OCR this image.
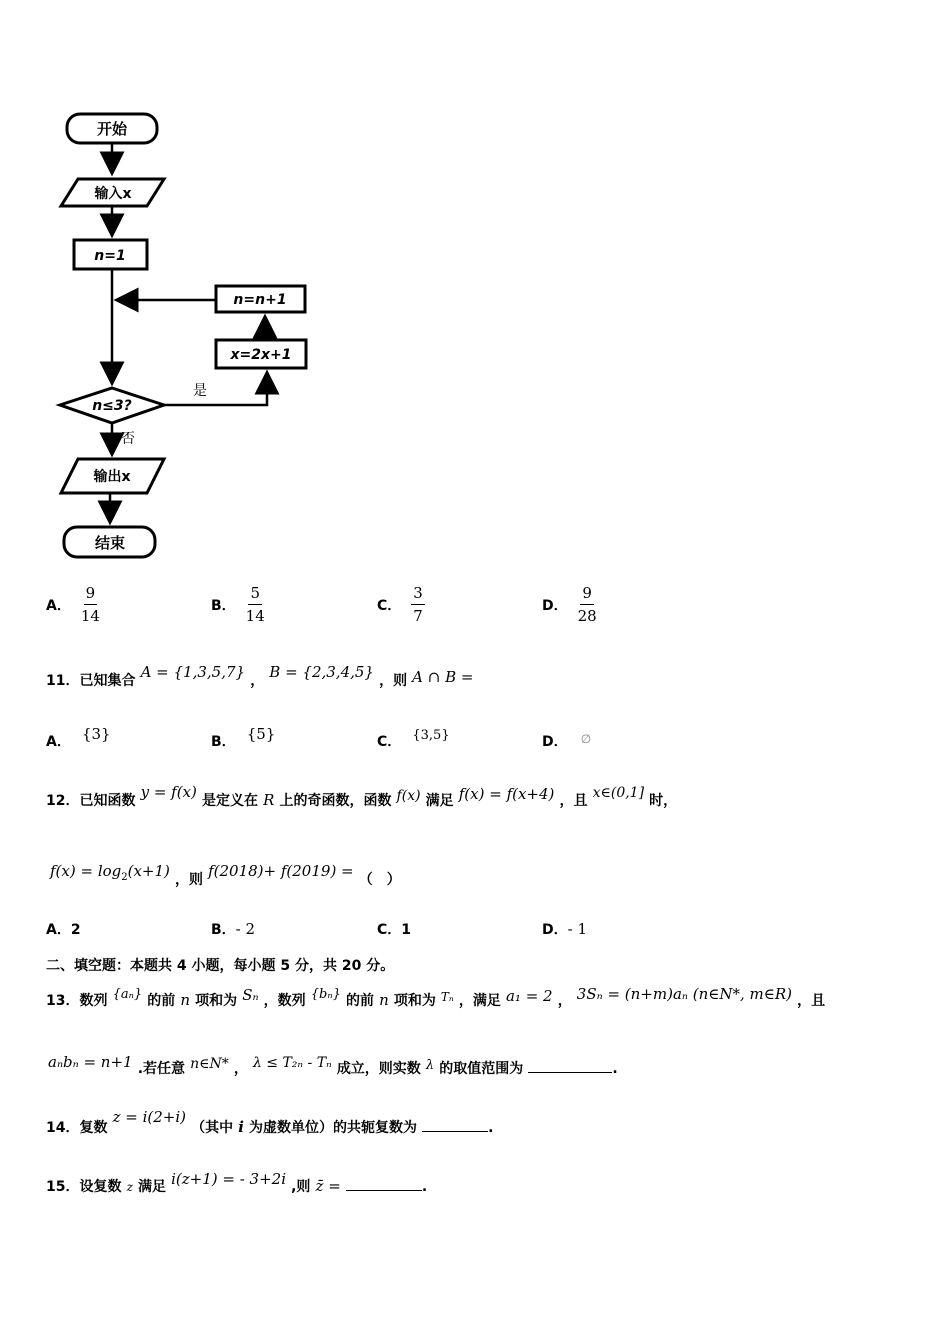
开始
输入x
n=1
n≤3?
是
x=2x+1
n=n+1
否
输出x
结束
A． $\frac{9}{14}$	B． $\frac{5}{14}$	C． $\frac{3}{7}$	D． $\frac{9}{28}$
11．已知集合 A = {1,3,5,7} ， B = {2,3,4,5} ，则 A ∩ B =
A． {3}	B． {5}	C． $^{\{3,5\}}$	D． ∅
12．已知函数 y = f(x) 是定义在 R 上的奇函数，函数 f(x) 满足 f(x) = f(x+4) ，且 x∈(0,1] 时，
$f(x) = \log_2(x+1)$ ，则 f(2018)+ f(2019) = （　）
A．2	B．- 2	C．1	D．- 1
二、填空题：本题共 4 小题，每小题 5 分，共 20 分。
13．数列 $^{\{a_n\}}$ 的前 n 项和为 Sₙ ，数列 $^{\{b_n\}}$ 的前 n 项和为 $^{T_n}$ ，满足 a₁ = 2 ， 3Sₙ = (n+m)aₙ (n∈N*, m∈R) ，且
aₙbₙ = n+1 .若任意 n∈N* ， λ ≤ T₂ₙ - Tₙ 成立，则实数 $^\lambda$ 的取值范围为	.
14．复数 z = i(2+i) （其中 i 为虚数单位）的共轭复数为	.
15．设复数 z 满足 i(z+1) = - 3+2i ,则 z̄ =	.
